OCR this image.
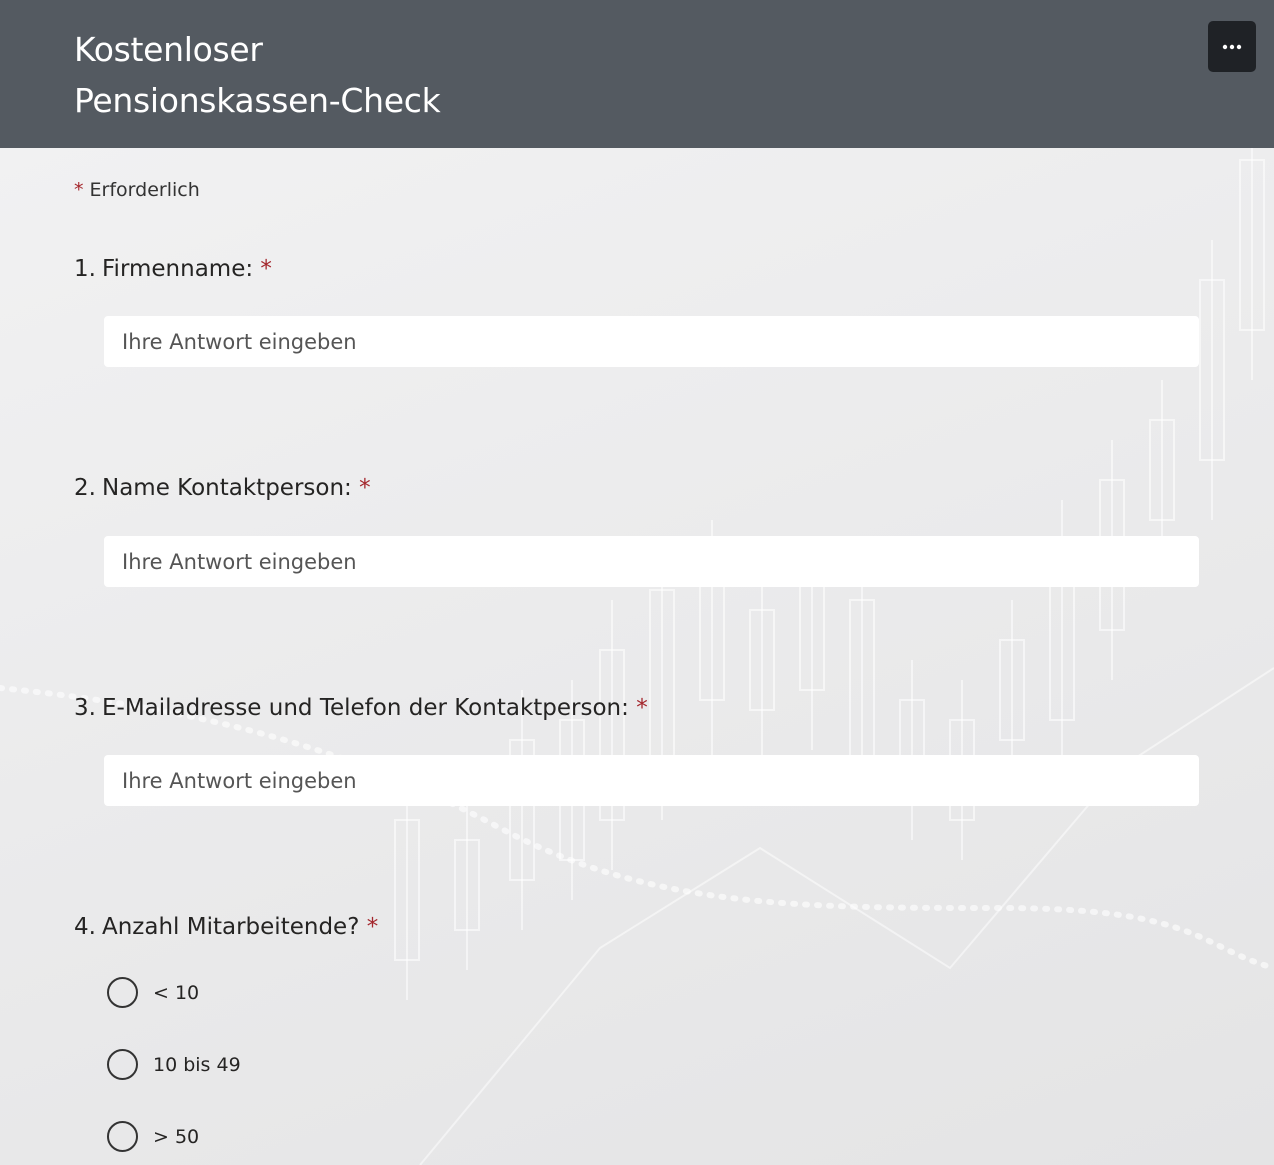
Kostenloser
Pensionskassen-Check
* Erforderlich
1. Firmenname: *
Ihre Antwort eingeben
2. Name Kontaktperson: *
Ihre Antwort eingeben
3. E-Mailadresse und Telefon der Kontaktperson: *
Ihre Antwort eingeben
4. Anzahl Mitarbeitende? *
< 10
10 bis 49
> 50
